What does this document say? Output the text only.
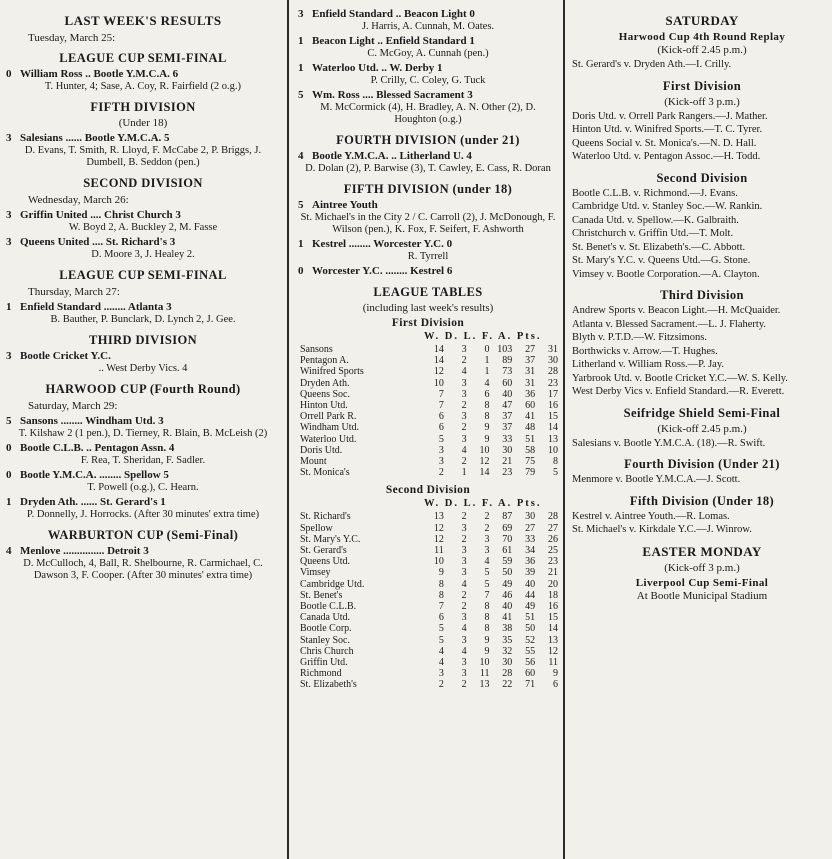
LAST WEEK'S RESULTS
Tuesday, March 25:
LEAGUE CUP SEMI-FINAL
0 William Ross .. Bootle Y.M.C.A. 6
T. Hunter, 4; Sase, A. Coy, R. Fairfield (2 o.g.)
FIFTH DIVISION
(Under 18)
3 Salesians ...... Bootle Y.M.C.A. 5
D. Evans, T. Smith, R. Lloyd, F. McCabe 2, P. Briggs, J. Dumbell, B. Seddon (pen.)
SECOND DIVISION
Wednesday, March 26:
3 Griffin United .... Christ Church 3
W. Boyd 2, A. Buckley 2, M. Fasse
3 Queens United .... St. Richard's 3
D. Moore 3, J. Healey 2.
LEAGUE CUP SEMI-FINAL
Thursday, March 27:
1 Enfield Standard ........ Atlanta 3
B. Bauther, P. Bunclark, D. Lynch 2, J. Gee.
THIRD DIVISION
3 Bootle Cricket Y.C.
.. West Derby Vics. 4
HARWOOD CUP (Fourth Round)
Saturday, March 29:
5 Sansons ........ Windham Utd. 3
T. Kilshaw 2 (1 pen.), D. Tierney, R. Blain, B. McLeish (2)
0 Bootle C.L.B. .. Pentagon Assn. 4
F. Rea, T. Sheridan, F. Sadler.
0 Bootle Y.M.C.A. ........ Spellow 5
T. Powell (o.g.), C. Hearn.
1 Dryden Ath. ...... St. Gerard's 1
P. Donnelly, J. Horrocks. (After 30 minutes' extra time)
WARBURTON CUP (Semi-Final)
4 Menlove ............... Detroit 3
D. McCulloch, 4, Ball, R. Shelbourne, R. Carmichael, C. Dawson 3, F. Cooper. (After 30 minutes' extra time)
3 Enfield Standard .. Beacon Light 0
J. Harris, A. Cunnah, M. Oates.
1 Beacon Light .. Enfield Standard 1
C. McGoy, A. Cunnah (pen.)
1 Waterloo Utd. .. W. Derby 1
P. Crilly, C. Coley, G. Tuck
5 Wm. Ross .... Blessed Sacrament 3
M. McCormick (4), H. Bradley, A. N. Other (2), D. Houghton (o.g.)
FOURTH DIVISION (under 21)
4 Bootle Y.M.C.A. .. Litherland U. 4
D. Dolan (2), P. Barwise (3), T. Cawley, E. Cass, R. Doran
FIFTH DIVISION (under 18)
5 Aintree Youth
St. Michael's in the City 2 / C. Carroll (2), J. McDonough, F. Wilson (pen.), K. Fox, F. Seifert, F. Ashworth
1 Kestrel ........ Worcester Y.C. 0
R. Tyrrell
0 Worcester Y.C. ........ Kestrel 6
LEAGUE TABLES
(including last week's results)
First Division
W. D. L. F. A. Pts.
Sansons	14	3	0	103	27	31
Pentagon A.	14	2	1	89	37	30
Winifred Sports	12	4	1	73	31	28
Dryden Ath.	10	3	4	60	31	23
Queens Soc.	7	3	6	40	36	17
Hinton Utd.	7	2	8	47	60	16
Orrell Park R.	6	3	8	37	41	15
Windham Utd.	6	2	9	37	48	14
Waterloo Utd.	5	3	9	33	51	13
Doris Utd.	3	4	10	30	58	10
Mount	3	2	12	21	75	8
St. Monica's	2	1	14	23	79	5
Second Division
W. D. L. F. A. Pts.
St. Richard's	13	2	2	87	30	28
Spellow	12	3	2	69	27	27
St. Mary's Y.C.	12	2	3	70	33	26
St. Gerard's	11	3	3	61	34	25
Queens Utd.	10	3	4	59	36	23
Vimsey	9	3	5	50	39	21
Cambridge Utd.	8	4	5	49	40	20
St. Benet's	8	2	7	46	44	18
Bootle C.L.B.	7	2	8	40	49	16
Canada Utd.	6	3	8	41	51	15
Bootle Corp.	5	4	8	38	50	14
Stanley Soc.	5	3	9	35	52	13
Chris Church	4	4	9	32	55	12
Griffin Utd.	4	3	10	30	56	11
Richmond	3	3	11	28	60	9
St. Elizabeth's	2	2	13	22	71	6
SATURDAY
Harwood Cup 4th Round Replay
(Kick-off 2.45 p.m.)
St. Gerard's v. Dryden Ath.—I. Crilly.
First Division
(Kick-off 3 p.m.)
Doris Utd. v. Orrell Park Rangers.—J. Mather.
Hinton Utd. v. Winifred Sports.—T. C. Tyrer.
Queens Social v. St. Monica's.—N. D. Hall.
Waterloo Utd. v. Pentagon Assoc.—H. Todd.
Second Division
Bootle C.L.B. v. Richmond.—J. Evans.
Cambridge Utd. v. Stanley Soc.—W. Rankin.
Canada Utd. v. Spellow.—K. Galbraith.
Christchurch v. Griffin Utd.—T. Molt.
St. Benet's v. St. Elizabeth's.—C. Abbott.
St. Mary's Y.C. v. Queens Utd.—G. Stone.
Vimsey v. Bootle Corporation.—A. Clayton.
Third Division
Andrew Sports v. Beacon Light.—H. McQuaider.
Atlanta v. Blessed Sacrament.—L. J. Flaherty.
Blyth v. P.T.D.—W. Fitzsimons.
Borthwicks v. Arrow.—T. Hughes.
Litherland v. William Ross.—P. Jay.
Yarbrook Utd. v. Bootle Cricket Y.C.—W. S. Kelly.
West Derby Vics v. Enfield Standard.—R. Everett.
Seifridge Shield Semi-Final
(Kick-off 2.45 p.m.)
Salesians v. Bootle Y.M.C.A. (18).—R. Swift.
Fourth Division (Under 21)
Menmore v. Bootle Y.M.C.A.—J. Scott.
Fifth Division (Under 18)
Kestrel v. Aintree Youth.—R. Lomas.
St. Michael's v. Kirkdale Y.C.—J. Winrow.
EASTER MONDAY
(Kick-off 3 p.m.)
Liverpool Cup Semi-Final
At Bootle Municipal Stadium
